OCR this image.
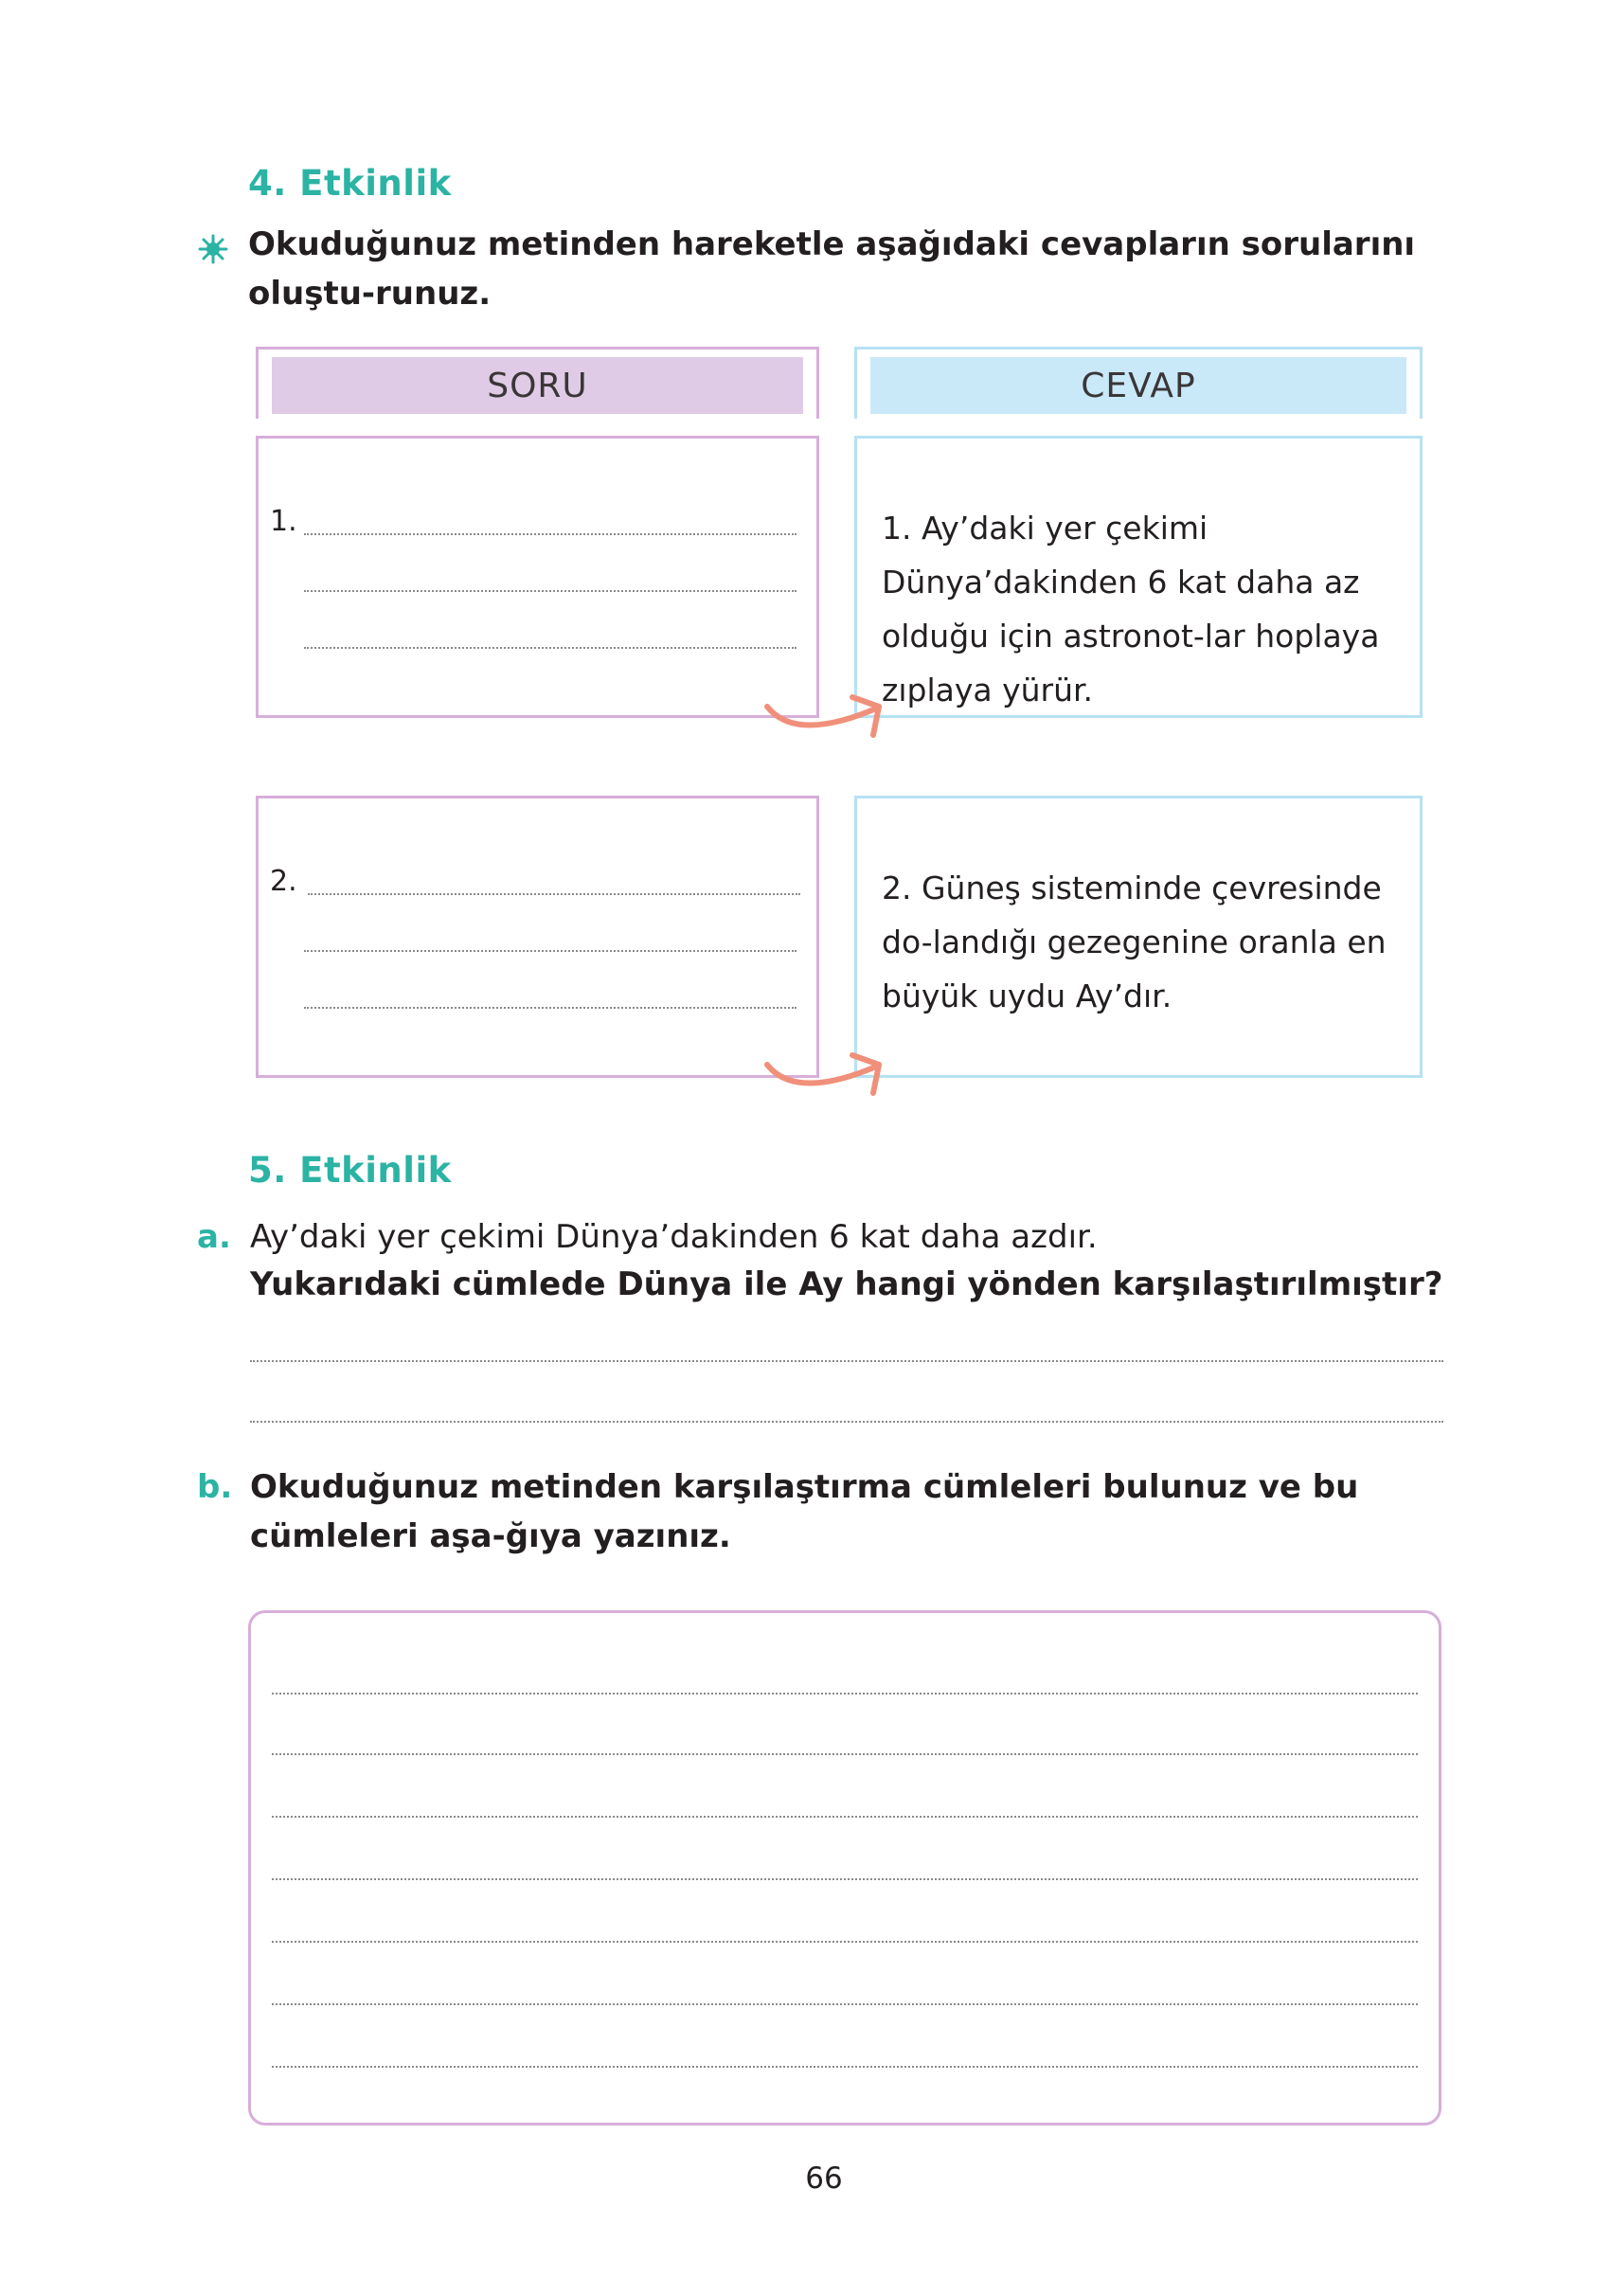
4. Etkinlik
Okuduğunuz metinden hareketle aşağıdaki cevapların sorularını oluştu-runuz.
SORU	CEVAP
1.	1. Ay’daki yer çekimi Dünya’dakinden 6 kat daha az olduğu için astronot-lar hoplaya zıplaya yürür.
2.	2. Güneş sisteminde çevresinde do-landığı gezegenine oranla en büyük uydu Ay’dır.
5. Etkinlik
a. Ay’daki yer çekimi Dünya’dakinden 6 kat daha azdır.
Yukarıdaki cümlede Dünya ile Ay hangi yönden karşılaştırılmıştır?
b. Okuduğunuz metinden karşılaştırma cümleleri bulunuz ve bu cümleleri aşa-ğıya yazınız.
66
